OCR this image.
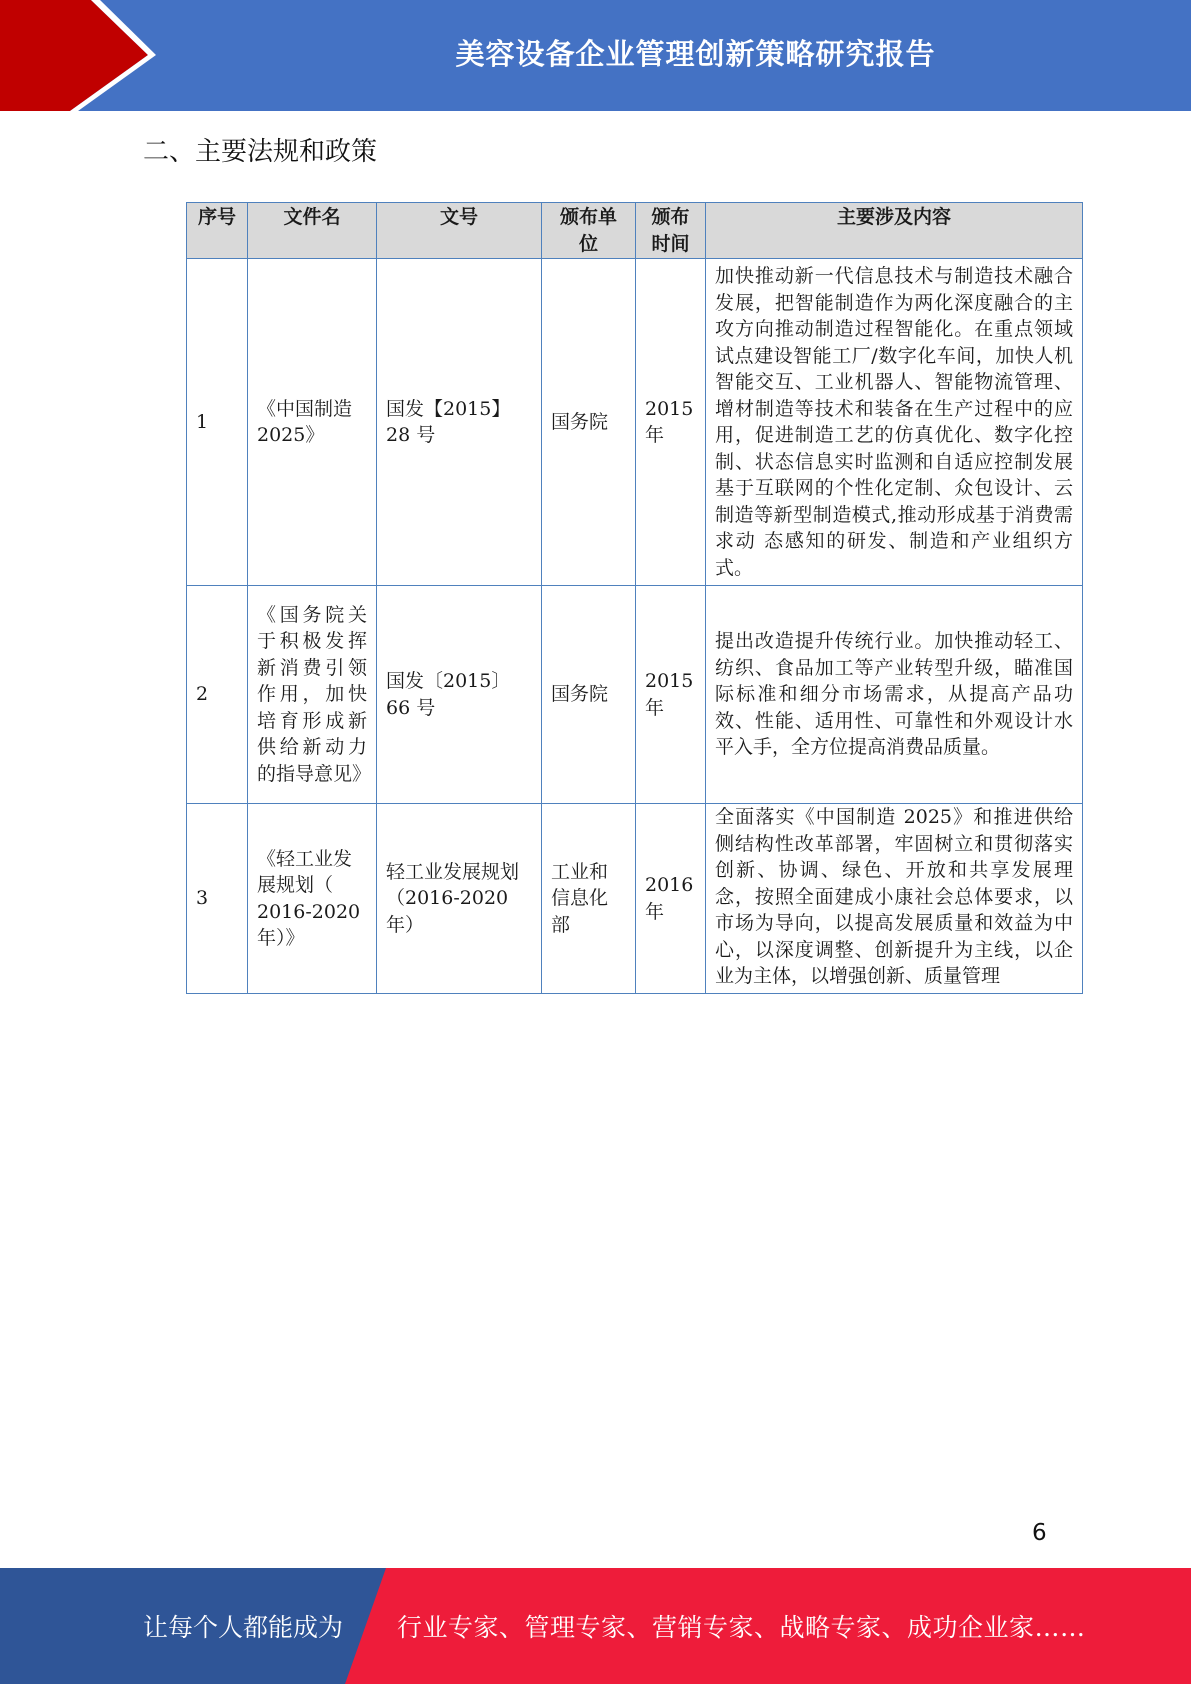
美容设备企业管理创新策略研究报告
二、主要法规和政策
序号	文件名	文号	颁布单位	颁布时间	主要涉及内容
1	《中国制造 2025》	国发【2015】28 号	国务院	2015 年	加快推动新一代信息技术与制造技术融合发展，把智能制造作为两化深度融合的主攻方向推动制造过程智能化。在重点领域试点建设智能工厂/数字化车间，加快人机智能交互、工业机器人、智能物流管理、增材制造等技术和装备在生产过程中的应用，促进制造工艺的仿真优化、数字化控制、状态信息实时监测和自适应控制发展基于互联网的个性化定制、众包设计、云制造等新型制造模式,推动形成基于消费需求动 态感知的研发、制造和产业组织方式。
2	《国务院关于积极发挥新消费引领作用，加快培育形成新供给新动力的指导意见》	国发〔2015〕66 号	国务院	2015 年	提出改造提升传统行业。加快推动轻工、纺织、食品加工等产业转型升级，瞄准国际标准和细分市场需求，从提高产品功效、性能、适用性、可靠性和外观设计水平入手，全方位提高消费品质量。
3	《轻工业发展规划（ 2016-2020 年）》	轻工业发展规划（2016-2020 年）	工业和信息化部	2016 年	全面落实《中国制造 2025》和推进供给侧结构性改革部署，牢固树立和贯彻落实创新、协调、绿色、开放和共享发展理念，按照全面建成小康社会总体要求，以市场为导向，以提高发展质量和效益为中心，以深度调整、创新提升为主线，以企业为主体，以增强创新、质量管理
6
让每个人都能成为 行业专家、管理专家、营销专家、战略专家、成功企业家……
